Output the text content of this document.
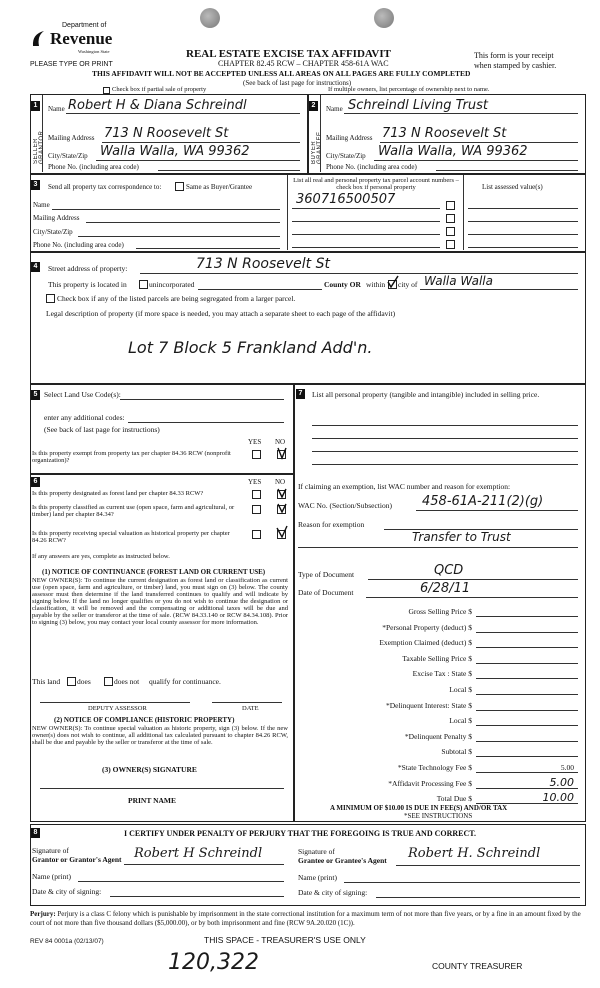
Department of
Revenue
Washington State
PLEASE TYPE OR PRINT
REAL ESTATE EXCISE TAX AFFIDAVIT
CHAPTER 82.45 RCW – CHAPTER 458-61A WAC
THIS AFFIDAVIT WILL NOT BE ACCEPTED UNLESS ALL AREAS ON ALL PAGES ARE FULLY COMPLETED
(See back of last page for instructions)
This form is your receipt
when stamped by cashier.
Check box if partial sale of property	If multiple owners, list percentage of ownership next to name.
1
SELLER GRANTOR
Name Robert H & Diana Schreindl
Mailing Address 713 N Roosevelt St
City/State/Zip Walla Walla, WA 99362
Phone No. (including area code)
2
BUYER GRANTEE
Name Schreindl Living Trust
Mailing Address 713 N Roosevelt St
City/State/Zip Walla Walla, WA 99362
Phone No. (including area code)
3	Send all property tax correspondence to:	Same as Buyer/Grantee
Name
Mailing Address
City/State/Zip
Phone No. (including area code)
List all real and personal property tax parcel account numbers – check box if personal property
360716500507
List assessed value(s)
4	Street address of property:	713 N Roosevelt St
This property is located in	unincorporated	County OR within city of Walla Walla
Check box if any of the listed parcels are being segregated from a larger parcel.
Legal description of property (if more space is needed, you may attach a separate sheet to each page of the affidavit)
Lot 7 Block 5 Frankland Add'n.
5 Select Land Use Code(s):
enter any additional codes:
(See back of last page for instructions)
YES NO
Is this property exempt from property tax per chapter 84.36 RCW (nonprofit organization)?
6	YES NO
Is this property designated as forest land per chapter 84.33 RCW?
Is this property classified as current use (open space, farm and agricultural, or timber) land per chapter 84.34?
Is this property receiving special valuation as historical property per chapter 84.26 RCW?
If any answers are yes, complete as instructed below.
(1) NOTICE OF CONTINUANCE (FOREST LAND OR CURRENT USE)
NEW OWNER(S): To continue the current designation as forest land or classification as current use (open space, farm and agriculture, or timber) land, you must sign on (3) below. The county assessor must then determine if the land transferred continues to qualify and will indicate by signing below. If the land no longer qualifies or you do not wish to continue the designation or classification, it will be removed and the compensating or additional taxes will be due and payable by the seller or transferor at the time of sale. (RCW 84.33.140 or RCW 84.34.108). Prior to signing (3) below, you may contact your local county assessor for more information.
This land does	does not qualify for continuance.
DEPUTY ASSESSOR	DATE
(2) NOTICE OF COMPLIANCE (HISTORIC PROPERTY)
NEW OWNER(S): To continue special valuation as historic property, sign (3) below. If the new owner(s) does not wish to continue, all additional tax calculated pursuant to chapter 84.26 RCW, shall be due and payable by the seller or transferor at the time of sale.
(3) OWNER(S) SIGNATURE
PRINT NAME
7	List all personal property (tangible and intangible) included in selling price.
If claiming an exemption, list WAC number and reason for exemption:
WAC No. (Section/Subsection) 458-61A-211(2)(g)
Reason for exemption
Transfer to Trust
Type of Document	QCD
Date of Document	6/28/11
Gross Selling Price $
*Personal Property (deduct) $
Exemption Claimed (deduct) $
Taxable Selling Price $
Excise Tax : State $
Local $
*Delinquent Interest: State $
Local $
*Delinquent Penalty $
Subtotal $
*State Technology Fee $	5.00
*Affidavit Processing Fee $	5.00
Total Due $	10.00
A MINIMUM OF $10.00 IS DUE IN FEE(S) AND/OR TAX
*SEE INSTRUCTIONS
8	I CERTIFY UNDER PENALTY OF PERJURY THAT THE FOREGOING IS TRUE AND CORRECT.
Signature of
Grantor or Grantor's Agent Robert H Schreindl	Signature of
Grantee or Grantee's Agent Robert H. Schreindl
Name (print)	Name (print)
Date & city of signing:	Date & city of signing:
Perjury: Perjury is a class C felony which is punishable by imprisonment in the state correctional institution for a maximum term of not more than five years, or by a fine in an amount fixed by the court of not more than five thousand dollars ($5,000.00), or by both imprisonment and fine (RCW 9A.20.020 (1C)).
REV 84 0001a (02/13/07)	THIS SPACE - TREASURER'S USE ONLY
120,322	COUNTY TREASURER
